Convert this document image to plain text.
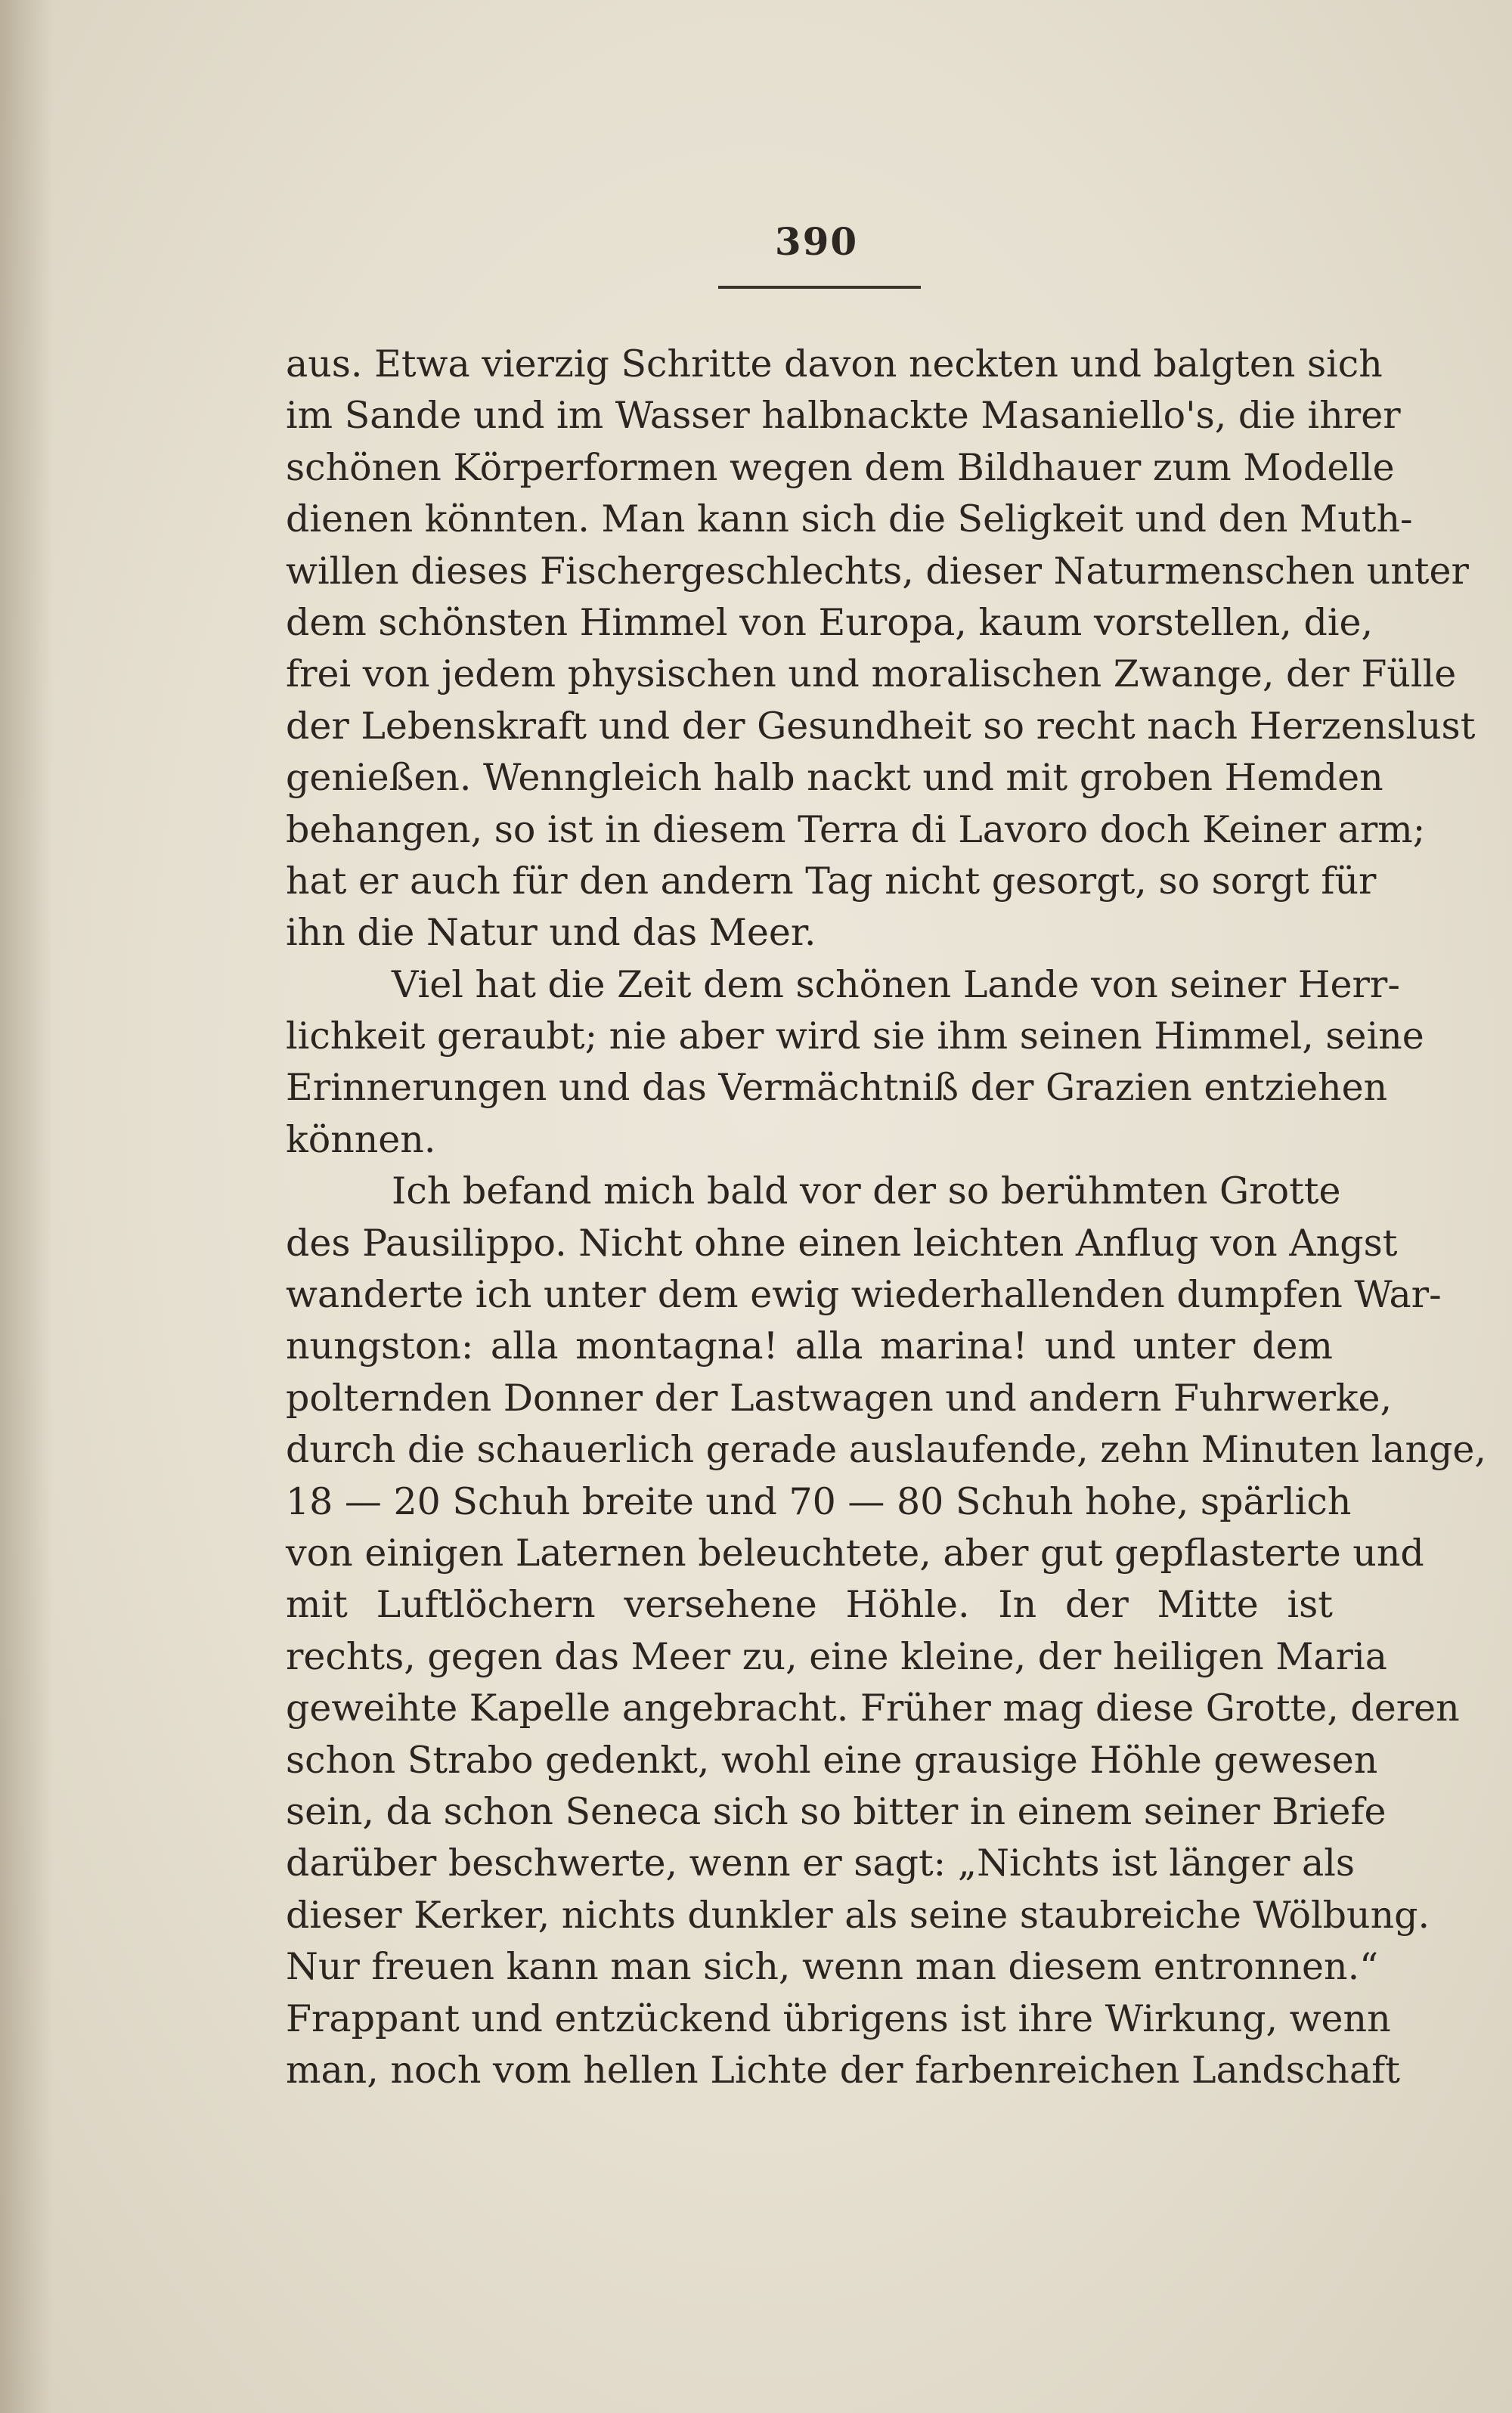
390
aus. Etwa vierzig Schritte davon neckten und balgten sich
im Sande und im Wasser halbnackte Masaniello's, die ihrer
schönen Körperformen wegen dem Bildhauer zum Modelle
dienen könnten. Man kann sich die Seligkeit und den Muth-
willen dieses Fischergeschlechts, dieser Naturmenschen unter
dem schönsten Himmel von Europa, kaum vorstellen, die,
frei von jedem physischen und moralischen Zwange, der Fülle
der Lebenskraft und der Gesundheit so recht nach Herzenslust
genießen. Wenngleich halb nackt und mit groben Hemden
behangen, so ist in diesem Terra di Lavoro doch Keiner arm;
hat er auch für den andern Tag nicht gesorgt, so sorgt für
ihn die Natur und das Meer.
Viel hat die Zeit dem schönen Lande von seiner Herr-
lichkeit geraubt; nie aber wird sie ihm seinen Himmel, seine
Erinnerungen und das Vermächtniß der Grazien entziehen
können.
Ich befand mich bald vor der so berühmten Grotte
des Pausilippo. Nicht ohne einen leichten Anflug von Angst
wanderte ich unter dem ewig wiederhallenden dumpfen War-
nungston: alla montagna! alla marina! und unter dem
polternden Donner der Lastwagen und andern Fuhrwerke,
durch die schauerlich gerade auslaufende, zehn Minuten lange,
18 — 20 Schuh breite und 70 — 80 Schuh hohe, spärlich
von einigen Laternen beleuchtete, aber gut gepflasterte und
mit Luftlöchern versehene Höhle. In der Mitte ist
rechts, gegen das Meer zu, eine kleine, der heiligen Maria
geweihte Kapelle angebracht. Früher mag diese Grotte, deren
schon Strabo gedenkt, wohl eine grausige Höhle gewesen
sein, da schon Seneca sich so bitter in einem seiner Briefe
darüber beschwerte, wenn er sagt: „Nichts ist länger als
dieser Kerker, nichts dunkler als seine staubreiche Wölbung.
Nur freuen kann man sich, wenn man diesem entronnen.“
Frappant und entzückend übrigens ist ihre Wirkung, wenn
man, noch vom hellen Lichte der farbenreichen Landschaft
